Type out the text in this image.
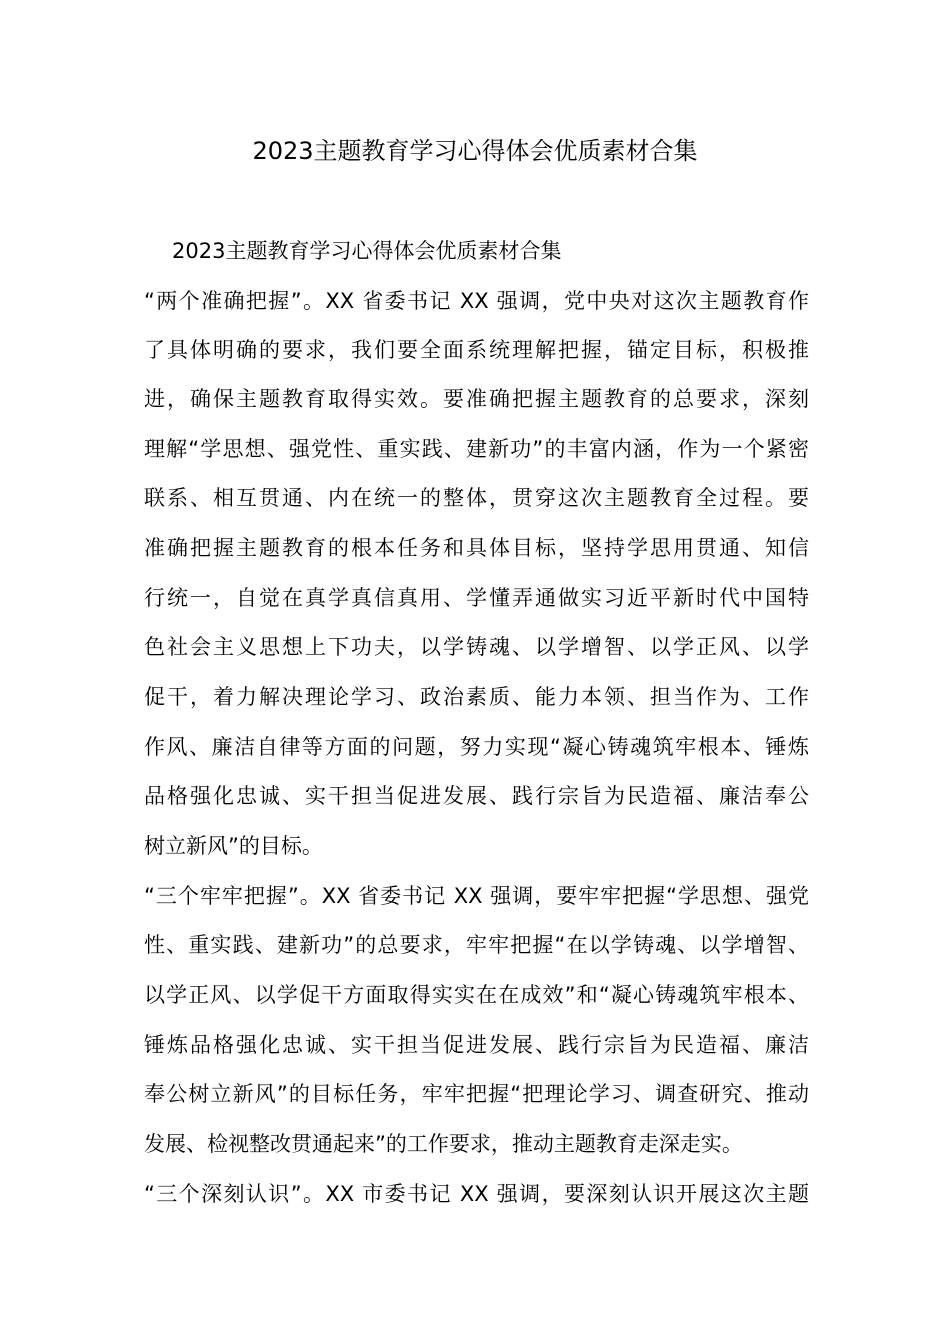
2023主题教育学习心得体会优质素材合集

2023主题教育学习心得体会优质素材合集

“两个准确把握”。XX 省委书记 XX 强调，党中央对这次主题教育作

了具体明确的要求，我们要全面系统理解把握，锚定目标，积极推

进，确保主题教育取得实效。要准确把握主题教育的总要求，深刻

理解“学思想、强党性、重实践、建新功”的丰富内涵，作为一个紧密

联系、相互贯通、内在统一的整体，贯穿这次主题教育全过程。要

准确把握主题教育的根本任务和具体目标，坚持学思用贯通、知信

行统一，自觉在真学真信真用、学懂弄通做实习近平新时代中国特

色社会主义思想上下功夫，以学铸魂、以学增智、以学正风、以学

促干，着力解决理论学习、政治素质、能力本领、担当作为、工作

作风、廉洁自律等方面的问题，努力实现“凝心铸魂筑牢根本、锤炼

品格强化忠诚、实干担当促进发展、践行宗旨为民造福、廉洁奉公

树立新风”的目标。

“三个牢牢把握”。XX 省委书记 XX 强调，要牢牢把握“学思想、强党

性、重实践、建新功”的总要求，牢牢把握“在以学铸魂、以学增智、

以学正风、以学促干方面取得实实在在成效”和“凝心铸魂筑牢根本、

锤炼品格强化忠诚、实干担当促进发展、践行宗旨为民造福、廉洁

奉公树立新风”的目标任务，牢牢把握“把理论学习、调查研究、推动

发展、检视整改贯通起来”的工作要求，推动主题教育走深走实。

“三个深刻认识”。XX 市委书记 XX 强调，要深刻认识开展这次主题
